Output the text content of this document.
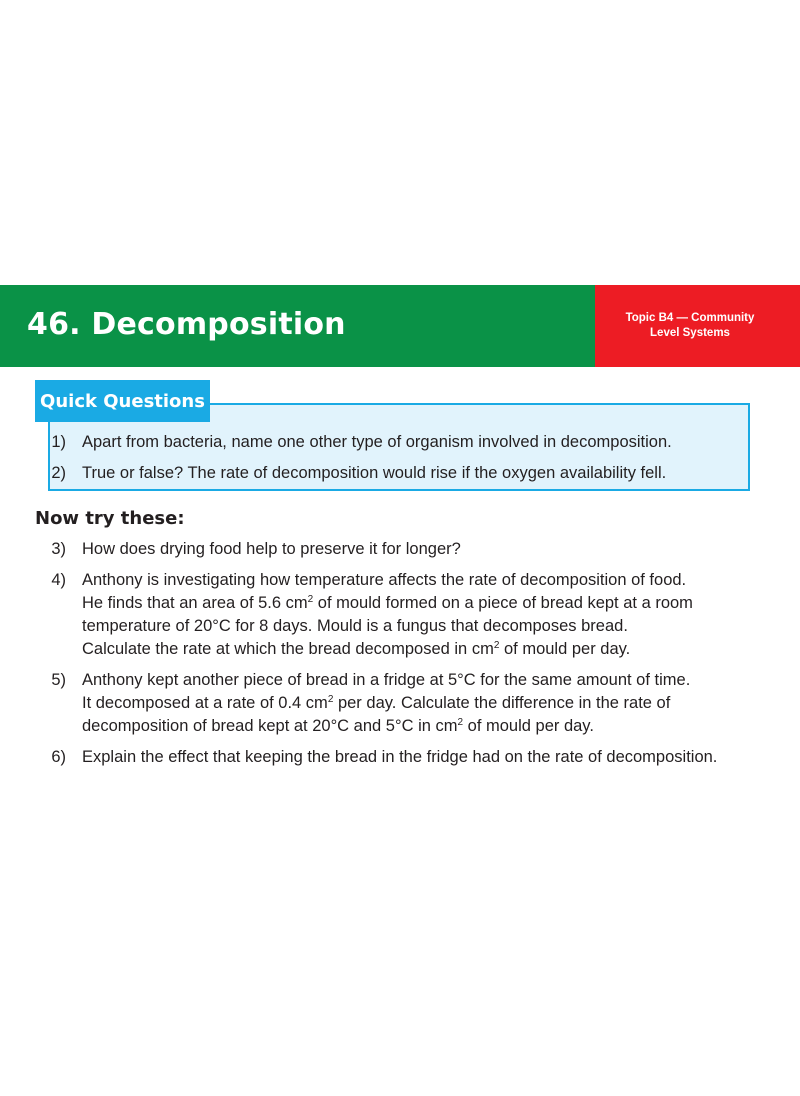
46. Decomposition	Topic B4 — Community
Level Systems
Quick Questions
1) Apart from bacteria, name one other type of organism involved in decomposition.
2) True or false? The rate of decomposition would rise if the oxygen availability fell.
Now try these:
3) How does drying food help to preserve it for longer?
4) Anthony is investigating how temperature affects the rate of decomposition of food.
He finds that an area of 5.6 $cm^2$ of mould formed on a piece of bread kept at a room
temperature of 20°C for 8 days. Mould is a fungus that decomposes bread.
Calculate the rate at which the bread decomposed in $cm^2$ of mould per day.
5) Anthony kept another piece of bread in a fridge at 5°C for the same amount of time.
It decomposed at a rate of 0.4 $cm^2$ per day. Calculate the difference in the rate of
decomposition of bread kept at 20°C and 5°C in $cm^2$ of mould per day.
6) Explain the effect that keeping the bread in the fridge had on the rate of decomposition.
